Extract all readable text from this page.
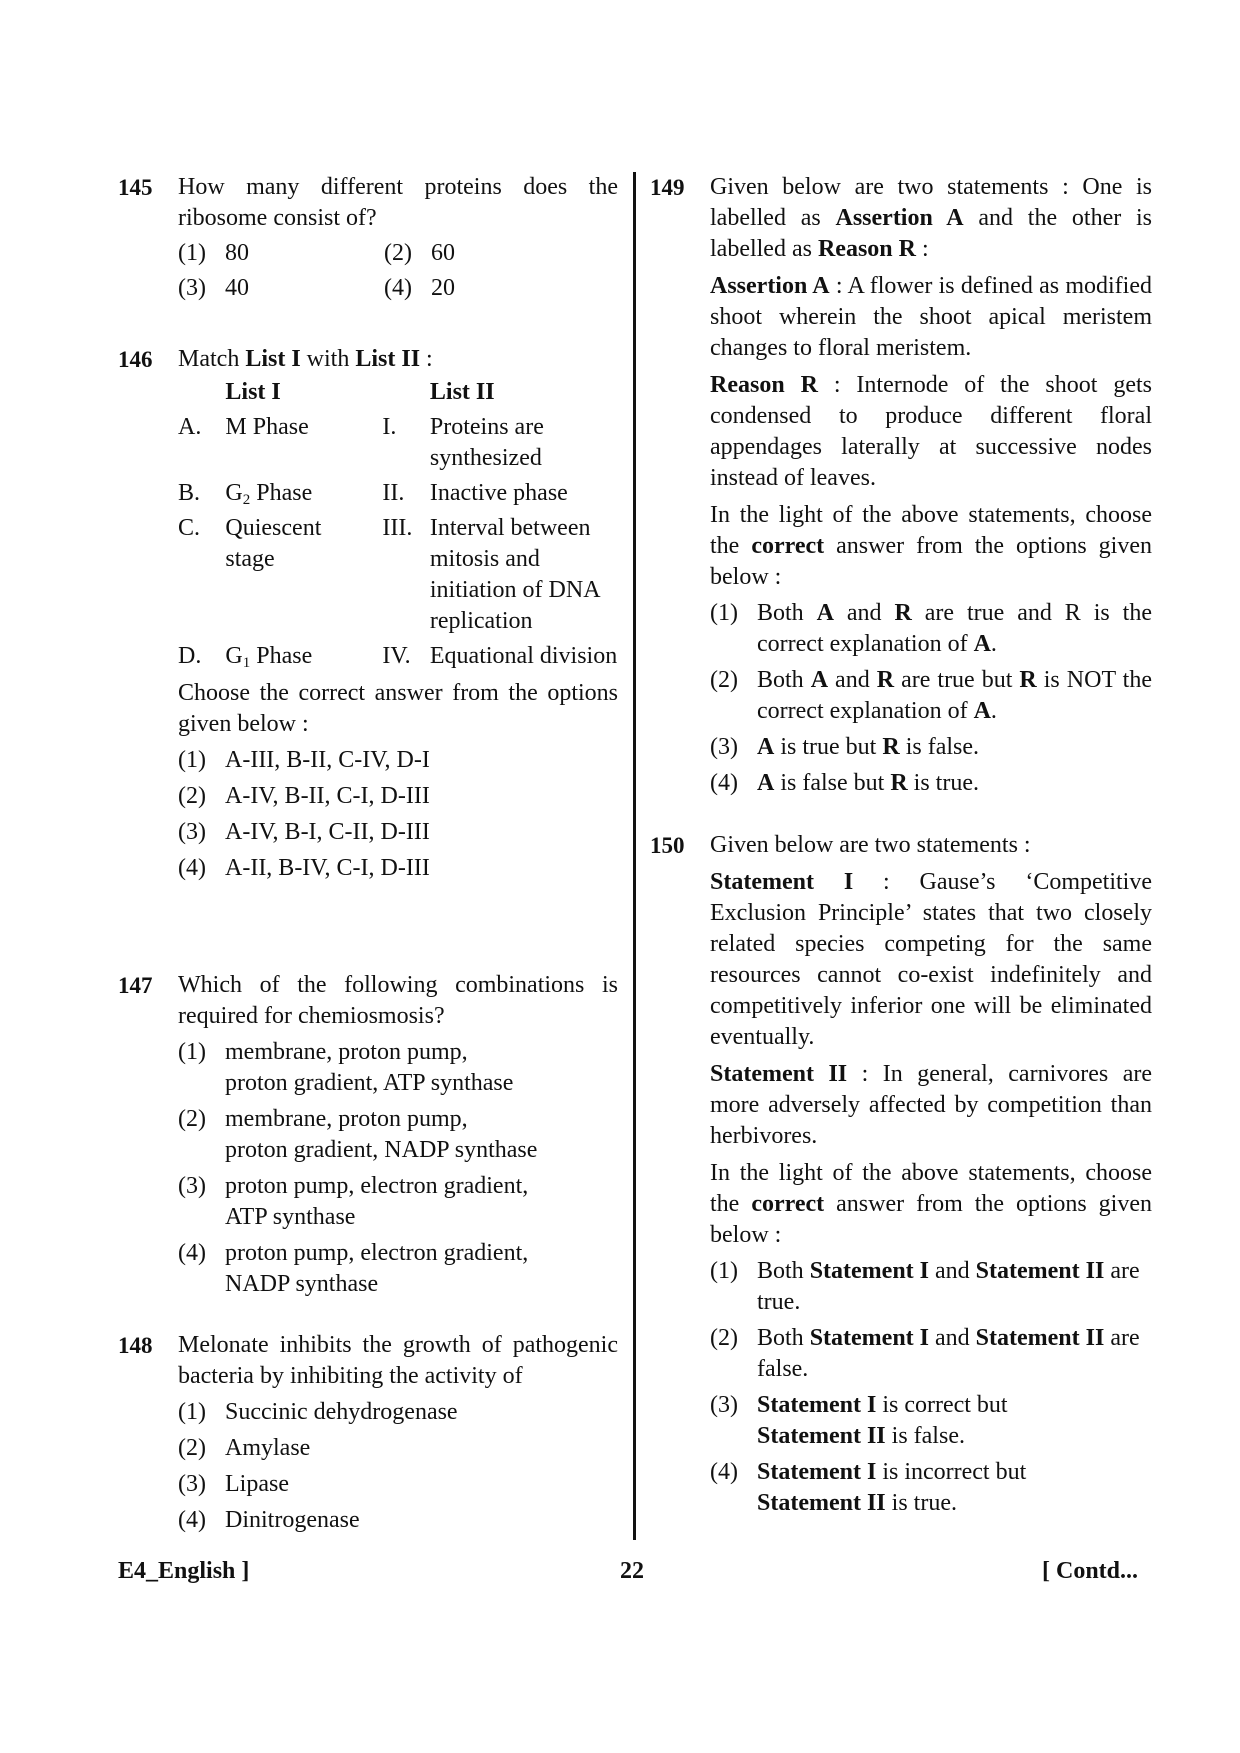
145 How many different proteins does the ribosome consist of?

(1) 80	(2) 60
(3) 40	(4) 20
146 Match List I with List II :

	List I		List II
A.	M Phase	I.	Proteins are synthesized
B.	$G_2$ Phase	II.	Inactive phase
C.	Quiescent stage	III.	Interval between mitosis and initiation of DNA replication
D.	$G_1$ Phase	IV.	Equational division

Choose the correct answer from the options given below :

(1) A-III, B-II, C-IV, D-I
(2) A-IV, B-II, C-I, D-III
(3) A-IV, B-I, C-II, D-III
(4) A-II, B-IV, C-I, D-III
147 Which of the following combinations is required for chemiosmosis?

(1) membrane, proton pump,
proton gradient, ATP synthase
(2) membrane, proton pump,
proton gradient, NADP synthase
(3) proton pump, electron gradient,
ATP synthase
(4) proton pump, electron gradient,
NADP synthase
148 Melonate inhibits the growth of pathogenic bacteria by inhibiting the activity of

(1) Succinic dehydrogenase
(2) Amylase
(3) Lipase
(4) Dinitrogenase
149 Given below are two statements : One is labelled as Assertion A and the other is labelled as Reason R :

Assertion A : A flower is defined as modified shoot wherein the shoot apical meristem changes to floral meristem.

Reason R : Internode of the shoot gets condensed to produce different floral appendages laterally at successive nodes instead of leaves.

In the light of the above statements, choose the correct answer from the options given below :

(1) Both A and R are true and R is the correct explanation of A.
(2) Both A and R are true but R is NOT the correct explanation of A.
(3) A is true but R is false.
(4) A is false but R is true.
150 Given below are two statements :

Statement I : Gause’s ‘Competitive Exclusion Principle’ states that two closely related species competing for the same resources cannot co-exist indefinitely and competitively inferior one will be eliminated eventually.

Statement II : In general, carnivores are more adversely affected by competition than herbivores.

In the light of the above statements, choose the correct answer from the options given below :

(1) Both Statement I and Statement II are true.
(2) Both Statement I and Statement II are false.
(3) Statement I is correct but
Statement II is false.
(4) Statement I is incorrect but
Statement II is true.
E4_English ]	22	[ Contd...
